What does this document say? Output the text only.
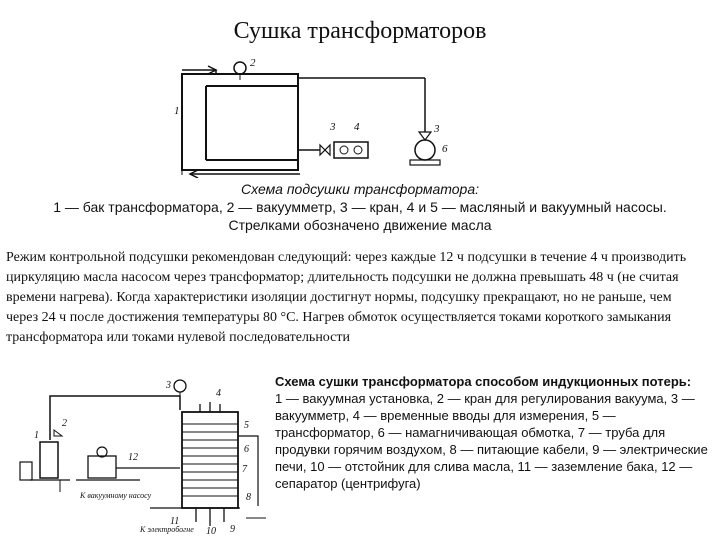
Сушка трансформаторов
1
2
3 4	3
6
Схема подсушки трансформатора:
1 — бак трансформатора, 2 — вакуумметр, 3 — кран, 4 и 5 — масляный и вакуумный насосы.
Стрелками обозначено движение масла
Режим контрольной подсушки рекомендован следующий: через каждые 12 ч подсушки в течение 4 ч производить циркуляцию масла насосом через трансформатор; длительность подсушки не должна превышать 48 ч (не считая времени нагрева). Когда характеристики изоляции достигнут нормы, подсушку прекращают, но не раньше, чем через 24 ч после достижения температуры 80 °С. Нагрев обмоток осуществляется токами короткого замыкания трансформатора или токами нулевой последовательности
1
2
3
4
5
6
7
8
9
10
11
12
К вакуумному насосу
К электробогне
Схема сушки трансформатора способом индукционных потерь:
1 — вакуумная установка, 2 — кран для регулирования вакуума, 3 — вакуумметр, 4 — временные вводы для измерения, 5 — трансформатор, 6 — намагничивающая обмотка, 7 — труба для продувки горячим воздухом, 8 — питающие кабели, 9 — электрические печи, 10 — отстойник для слива масла, 11 — заземление бака, 12 — сепаратор (центрифуга)
